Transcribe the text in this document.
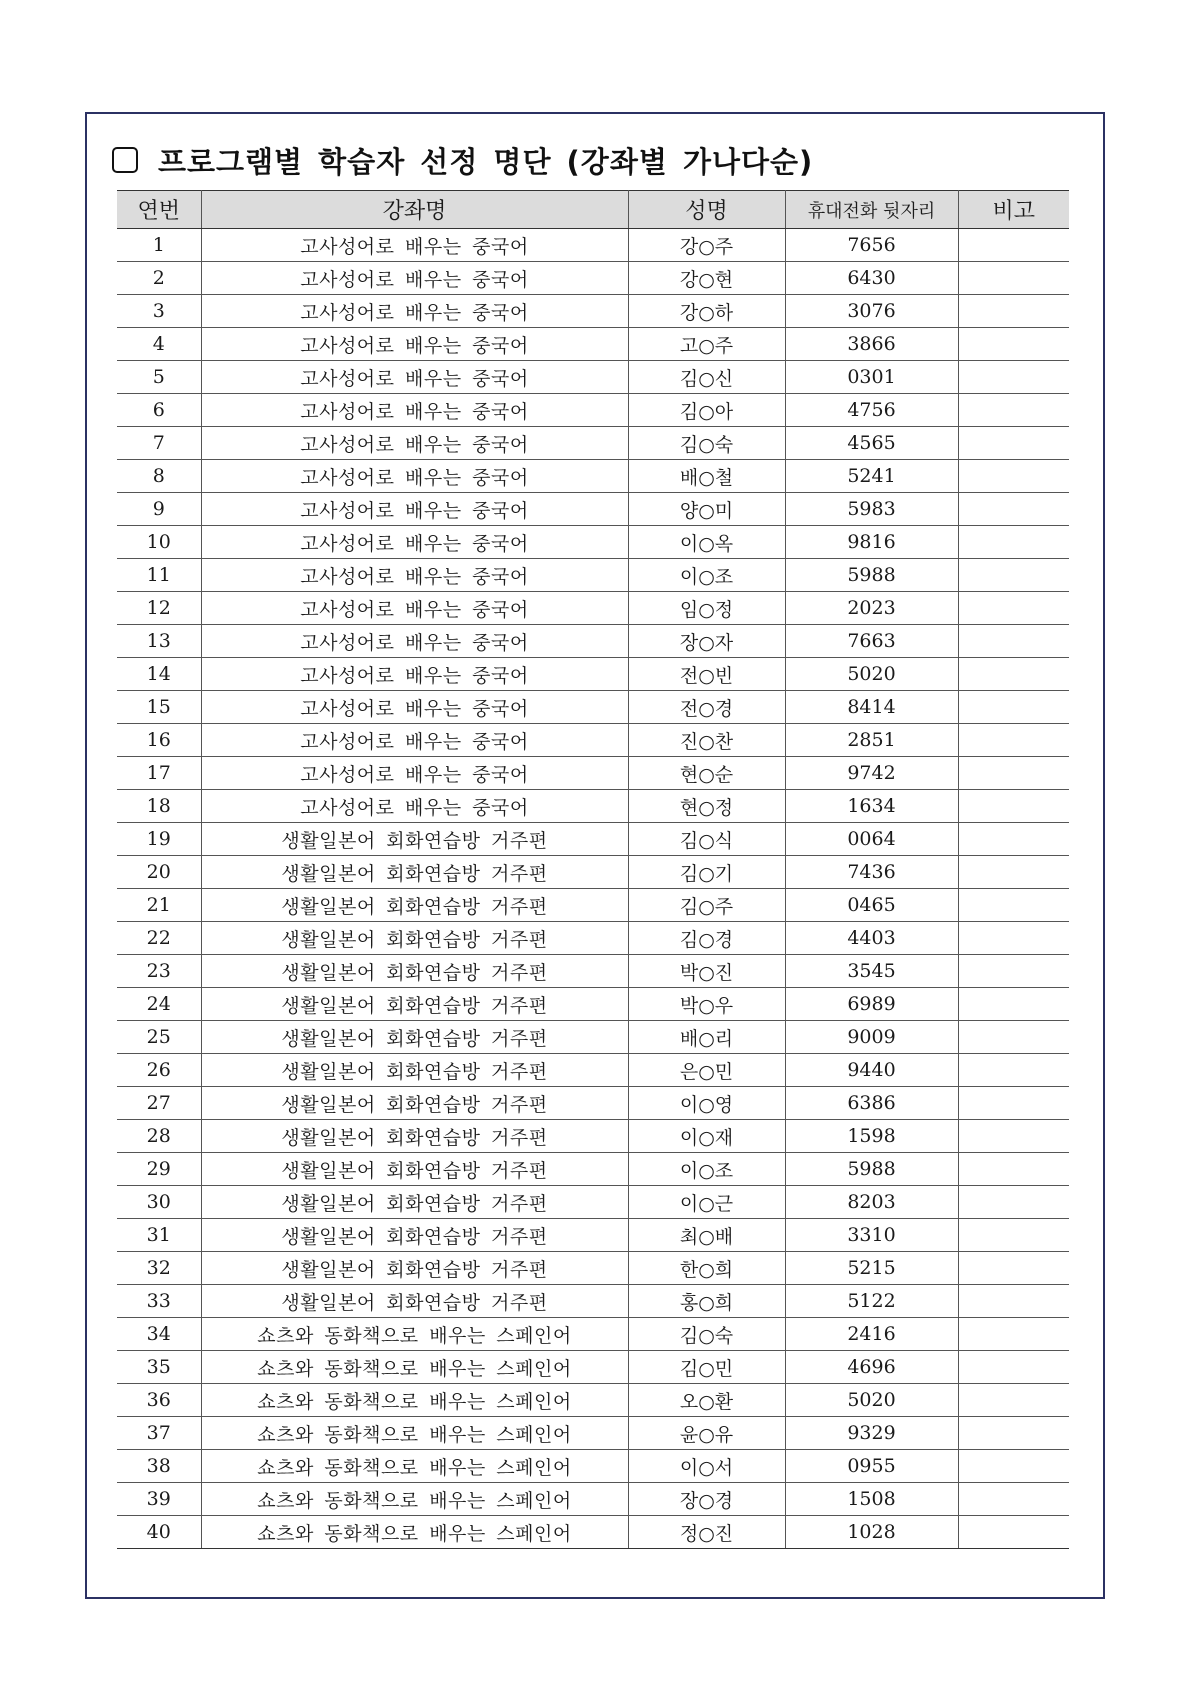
프로그램별 학습자 선정 명단 (강좌별 가나다순)
연번	강좌명	성명	휴대전화 뒷자리	비고
1	고사성어로 배우는 중국어	강○주	7656	
2	고사성어로 배우는 중국어	강○현	6430	
3	고사성어로 배우는 중국어	강○하	3076	
4	고사성어로 배우는 중국어	고○주	3866	
5	고사성어로 배우는 중국어	김○신	0301	
6	고사성어로 배우는 중국어	김○아	4756	
7	고사성어로 배우는 중국어	김○숙	4565	
8	고사성어로 배우는 중국어	배○철	5241	
9	고사성어로 배우는 중국어	양○미	5983	
10	고사성어로 배우는 중국어	이○옥	9816	
11	고사성어로 배우는 중국어	이○조	5988	
12	고사성어로 배우는 중국어	임○정	2023	
13	고사성어로 배우는 중국어	장○자	7663	
14	고사성어로 배우는 중국어	전○빈	5020	
15	고사성어로 배우는 중국어	전○경	8414	
16	고사성어로 배우는 중국어	진○찬	2851	
17	고사성어로 배우는 중국어	현○순	9742	
18	고사성어로 배우는 중국어	현○정	1634	
19	생활일본어 회화연습방 거주편	김○식	0064	
20	생활일본어 회화연습방 거주편	김○기	7436	
21	생활일본어 회화연습방 거주편	김○주	0465	
22	생활일본어 회화연습방 거주편	김○경	4403	
23	생활일본어 회화연습방 거주편	박○진	3545	
24	생활일본어 회화연습방 거주편	박○우	6989	
25	생활일본어 회화연습방 거주편	배○리	9009	
26	생활일본어 회화연습방 거주편	은○민	9440	
27	생활일본어 회화연습방 거주편	이○영	6386	
28	생활일본어 회화연습방 거주편	이○재	1598	
29	생활일본어 회화연습방 거주편	이○조	5988	
30	생활일본어 회화연습방 거주편	이○근	8203	
31	생활일본어 회화연습방 거주편	최○배	3310	
32	생활일본어 회화연습방 거주편	한○희	5215	
33	생활일본어 회화연습방 거주편	홍○희	5122	
34	쇼츠와 동화책으로 배우는 스페인어	김○숙	2416	
35	쇼츠와 동화책으로 배우는 스페인어	김○민	4696	
36	쇼츠와 동화책으로 배우는 스페인어	오○환	5020	
37	쇼츠와 동화책으로 배우는 스페인어	윤○유	9329	
38	쇼츠와 동화책으로 배우는 스페인어	이○서	0955	
39	쇼츠와 동화책으로 배우는 스페인어	장○경	1508	
40	쇼츠와 동화책으로 배우는 스페인어	정○진	1028	
